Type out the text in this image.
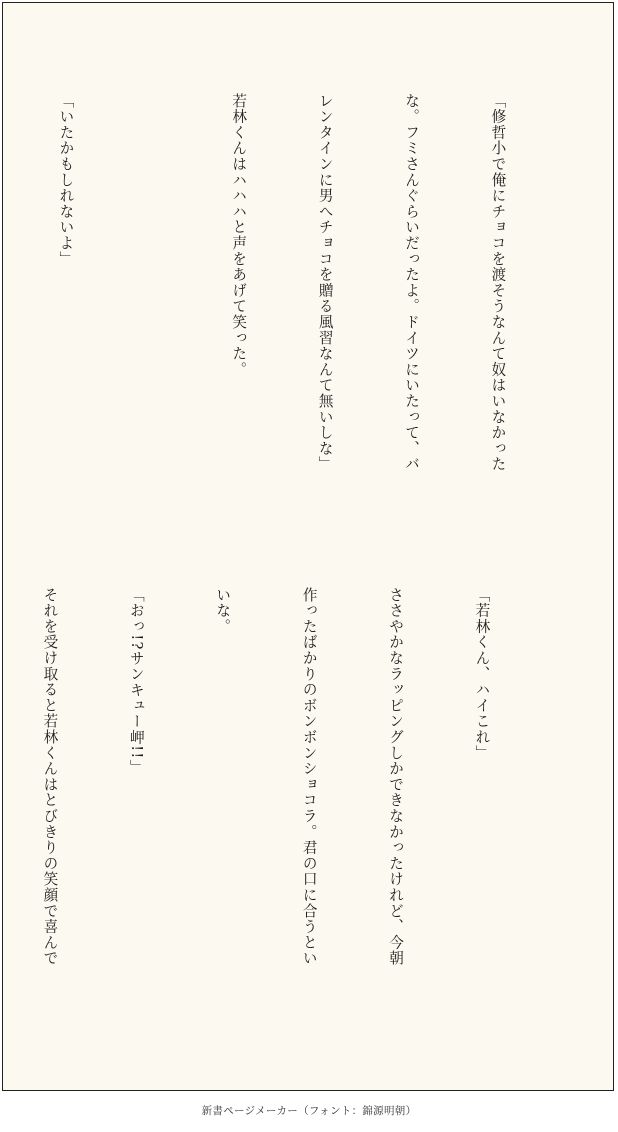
「修哲小で俺にチョコを渡そうなんて奴はいなかった

な。フミさんぐらいだったよ。ドイツにいたって、バ

レンタインに男へチョコを贈る風習なんて無いしな」

若林くんはハハハと声をあげて笑った。

「いたかもしれないよ」

「若林くん、ハイこれ」

ささやかなラッピングしかできなかったけれど、今朝

作ったばかりのボンボンショコラ。君の口に合うとい

いな。

「おっ!?サンキュー岬!!」

それを受け取ると若林くんはとびきりの笑顔で喜んで

新書ページメーカー（フォント：錦源明朝）
